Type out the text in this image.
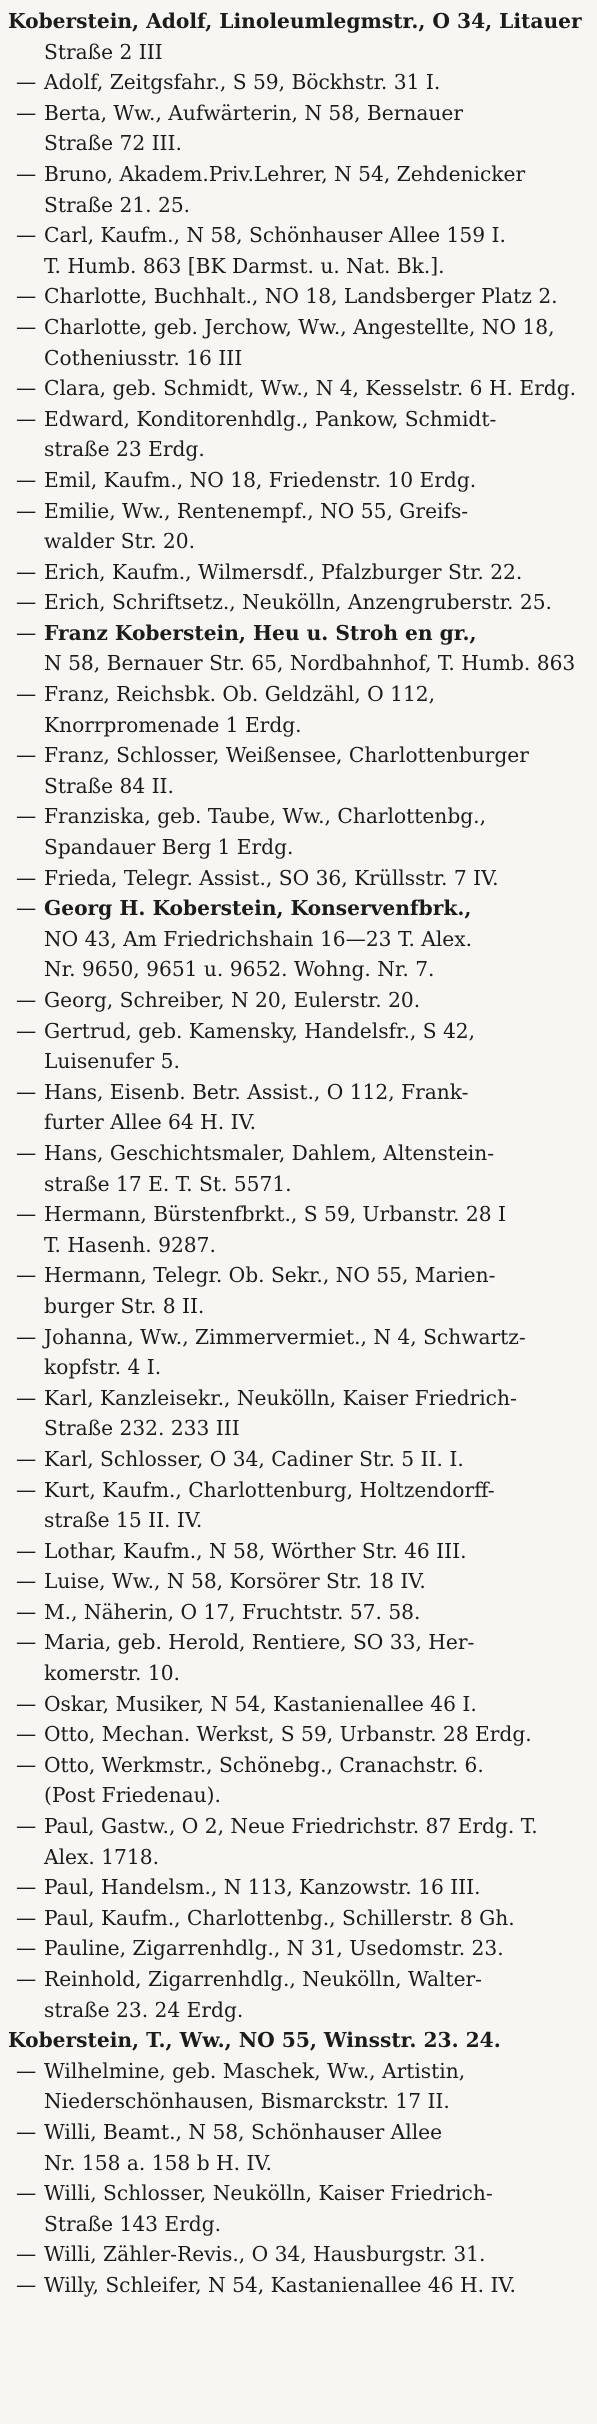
Koberstein, Adolf, Linoleumlegmstr., O 34, Litauer
Straße 2 III
—Adolf, Zeitgsfahr., S 59, Böckhstr. 31 I.
—Berta, Ww., Aufwärterin, N 58, Bernauer
Straße 72 III.
—Bruno, Akadem.Priv.Lehrer, N 54, Zehdenicker
Straße 21. 25.
—Carl, Kaufm., N 58, Schönhauser Allee 159 I.
T. Humb. 863 [BK Darmst. u. Nat. Bk.].
—Charlotte, Buchhalt., NO 18, Landsberger Platz 2.
—Charlotte, geb. Jerchow, Ww., Angestellte, NO 18,
Cotheniusstr. 16 III
—Clara, geb. Schmidt, Ww., N 4, Kesselstr. 6 H. Erdg.
—Edward, Konditorenhdlg., Pankow, Schmidt-
straße 23 Erdg.
—Emil, Kaufm., NO 18, Friedenstr. 10 Erdg.
—Emilie, Ww., Rentenempf., NO 55, Greifs-
walder Str. 20.
—Erich, Kaufm., Wilmersdf., Pfalzburger Str. 22.
—Erich, Schriftsetz., Neukölln, Anzengruberstr. 25.
—Franz Koberstein, Heu u. Stroh en gr.,
N 58, Bernauer Str. 65, Nordbahnhof, T. Humb. 863
—Franz, Reichsbk. Ob. Geldzähl, O 112,
Knorrpromenade 1 Erdg.
—Franz, Schlosser, Weißensee, Charlottenburger
Straße 84 II.
—Franziska, geb. Taube, Ww., Charlottenbg.,
Spandauer Berg 1 Erdg.
—Frieda, Telegr. Assist., SO 36, Krüllsstr. 7 IV.
—Georg H. Koberstein, Konservenfbrk.,
NO 43, Am Friedrichshain 16—23 T. Alex.
Nr. 9650, 9651 u. 9652. Wohng. Nr. 7.
—Georg, Schreiber, N 20, Eulerstr. 20.
—Gertrud, geb. Kamensky, Handelsfr., S 42,
Luisenufer 5.
—Hans, Eisenb. Betr. Assist., O 112, Frank-
furter Allee 64 H. IV.
—Hans, Geschichtsmaler, Dahlem, Altenstein-
straße 17 E. T. St. 5571.
—Hermann, Bürstenfbrkt., S 59, Urbanstr. 28 I
T. Hasenh. 9287.
—Hermann, Telegr. Ob. Sekr., NO 55, Marien-
burger Str. 8 II.
—Johanna, Ww., Zimmervermiet., N 4, Schwartz-
kopfstr. 4 I.
—Karl, Kanzleisekr., Neukölln, Kaiser Friedrich-
Straße 232. 233 III
—Karl, Schlosser, O 34, Cadiner Str. 5 II. I.
—Kurt, Kaufm., Charlottenburg, Holtzendorff-
straße 15 II. IV.
—Lothar, Kaufm., N 58, Wörther Str. 46 III.
—Luise, Ww., N 58, Korsörer Str. 18 IV.
—M., Näherin, O 17, Fruchtstr. 57. 58.
—Maria, geb. Herold, Rentiere, SO 33, Her-
komerstr. 10.
—Oskar, Musiker, N 54, Kastanienallee 46 I.
—Otto, Mechan. Werkst, S 59, Urbanstr. 28 Erdg.
—Otto, Werkmstr., Schönebg., Cranachstr. 6.
(Post Friedenau).
—Paul, Gastw., O 2, Neue Friedrichstr. 87 Erdg. T.
Alex. 1718.
—Paul, Handelsm., N 113, Kanzowstr. 16 III.
—Paul, Kaufm., Charlottenbg., Schillerstr. 8 Gh.
—Pauline, Zigarrenhdlg., N 31, Usedomstr. 23.
—Reinhold, Zigarrenhdlg., Neukölln, Walter-
straße 23. 24 Erdg.
Koberstein, T., Ww., NO 55, Winsstr. 23. 24.
—Wilhelmine, geb. Maschek, Ww., Artistin,
Niederschönhausen, Bismarckstr. 17 II.
—Willi, Beamt., N 58, Schönhauser Allee
Nr. 158 a. 158 b H. IV.
—Willi, Schlosser, Neukölln, Kaiser Friedrich-
Straße 143 Erdg.
—Willi, Zähler-Revis., O 34, Hausburgstr. 31.
—Willy, Schleifer, N 54, Kastanienallee 46 H. IV.
